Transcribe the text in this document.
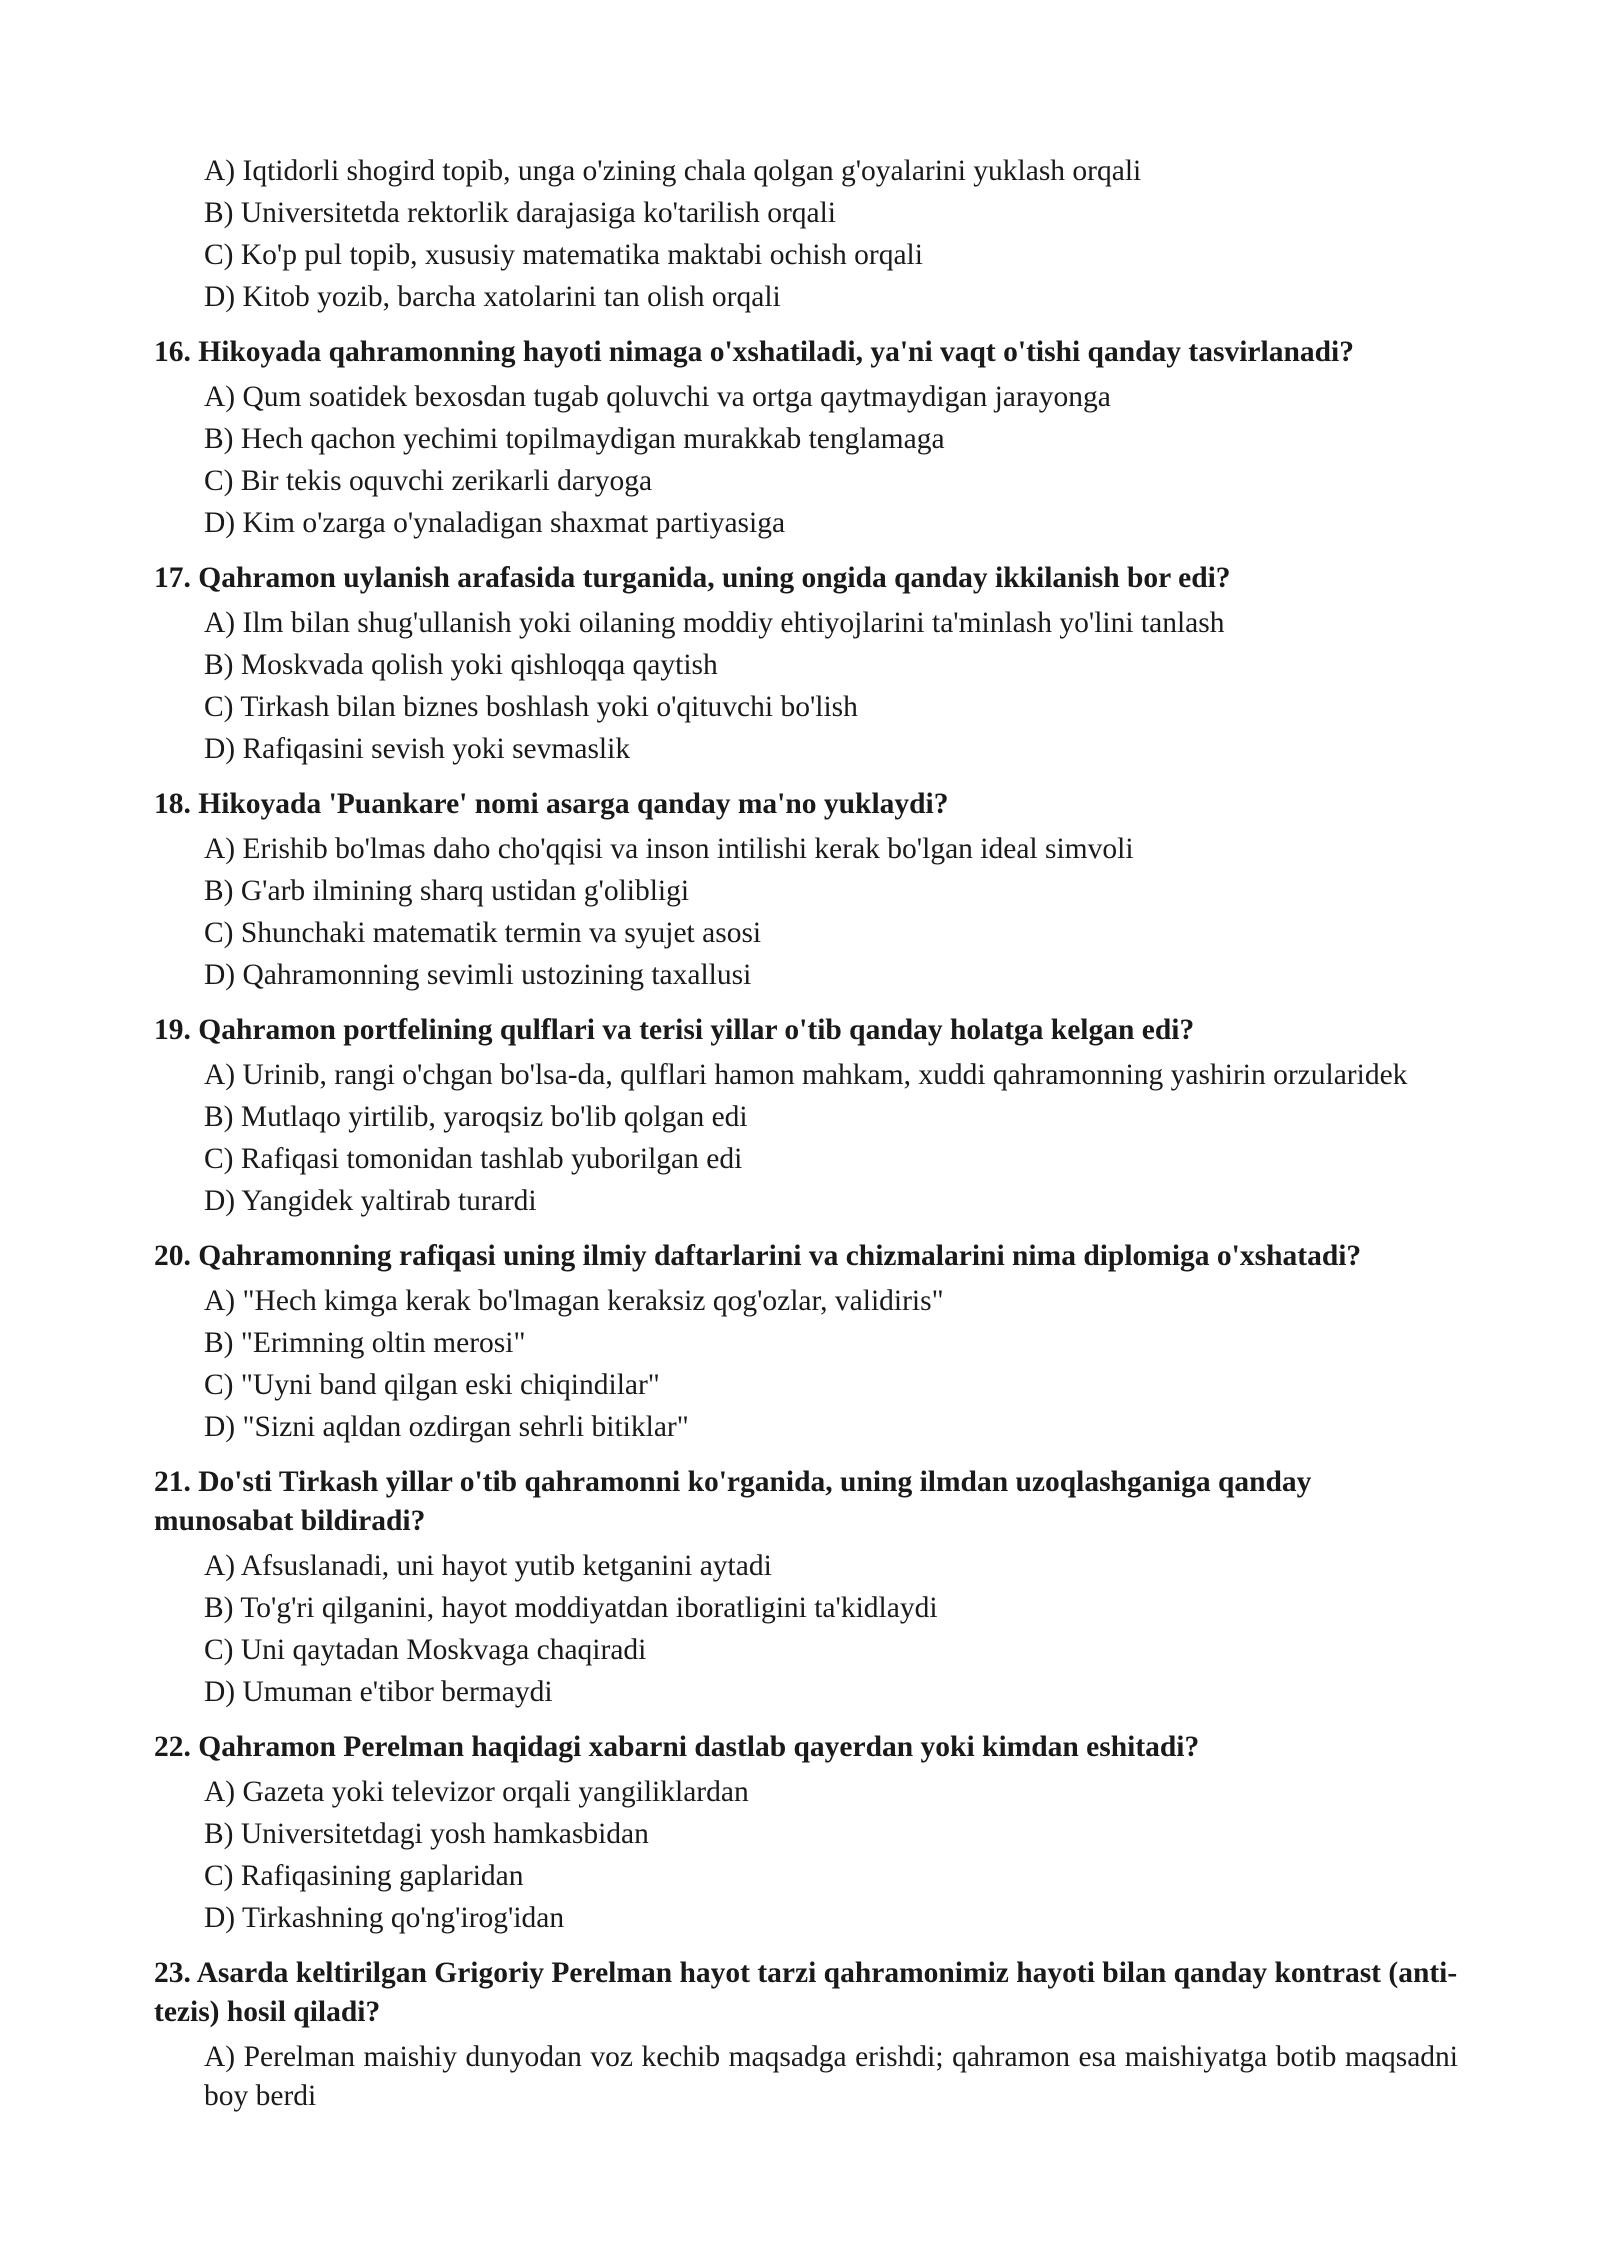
A) Iqtidorli shogird topib, unga o'zining chala qolgan g'oyalarini yuklash orqali
B) Universitetda rektorlik darajasiga ko'tarilish orqali
C) Ko'p pul topib, xususiy matematika maktabi ochish orqali
D) Kitob yozib, barcha xatolarini tan olish orqali
16. Hikoyada qahramonning hayoti nimaga o'xshatiladi, ya'ni vaqt o'tishi qanday tasvirlanadi?
A) Qum soatidek bexosdan tugab qoluvchi va ortga qaytmaydigan jarayonga
B) Hech qachon yechimi topilmaydigan murakkab tenglamaga
C) Bir tekis oquvchi zerikarli daryoga
D) Kim o'zarga o'ynaladigan shaxmat partiyasiga
17. Qahramon uylanish arafasida turganida, uning ongida qanday ikkilanish bor edi?
A) Ilm bilan shug'ullanish yoki oilaning moddiy ehtiyojlarini ta'minlash yo'lini tanlash
B) Moskvada qolish yoki qishloqqa qaytish
C) Tirkash bilan biznes boshlash yoki o'qituvchi bo'lish
D) Rafiqasini sevish yoki sevmaslik
18. Hikoyada 'Puankare' nomi asarga qanday ma'no yuklaydi?
A) Erishib bo'lmas daho cho'qqisi va inson intilishi kerak bo'lgan ideal simvoli
B) G'arb ilmining sharq ustidan g'olibligi
C) Shunchaki matematik termin va syujet asosi
D) Qahramonning sevimli ustozining taxallusi
19. Qahramon portfelining qulflari va terisi yillar o'tib qanday holatga kelgan edi?
A) Urinib, rangi o'chgan bo'lsa-da, qulflari hamon mahkam, xuddi qahramonning yashirin orzularidek
B) Mutlaqo yirtilib, yaroqsiz bo'lib qolgan edi
C) Rafiqasi tomonidan tashlab yuborilgan edi
D) Yangidek yaltirab turardi
20. Qahramonning rafiqasi uning ilmiy daftarlarini va chizmalarini nima diplomiga o'xshatadi?
A) "Hech kimga kerak bo'lmagan keraksiz qog'ozlar, validiris"
B) "Erimning oltin merosi"
C) "Uyni band qilgan eski chiqindilar"
D) "Sizni aqldan ozdirgan sehrli bitiklar"
21. Do'sti Tirkash yillar o'tib qahramonni ko'rganida, uning ilmdan uzoqlashganiga qanday munosabat bildiradi?
A) Afsuslanadi, uni hayot yutib ketganini aytadi
B) To'g'ri qilganini, hayot moddiyatdan iboratligini ta'kidlaydi
C) Uni qaytadan Moskvaga chaqiradi
D) Umuman e'tibor bermaydi
22. Qahramon Perelman haqidagi xabarni dastlab qayerdan yoki kimdan eshitadi?
A) Gazeta yoki televizor orqali yangiliklardan
B) Universitetdagi yosh hamkasbidan
C) Rafiqasining gaplaridan
D) Tirkashning qo'ng'irog'idan
23. Asarda keltirilgan Grigoriy Perelman hayot tarzi qahramonimiz hayoti bilan qanday kontrast (anti-tezis) hosil qiladi?
A) Perelman maishiy dunyodan voz kechib maqsadga erishdi; qahramon esa maishiyatga botib maqsadni boy berdi
